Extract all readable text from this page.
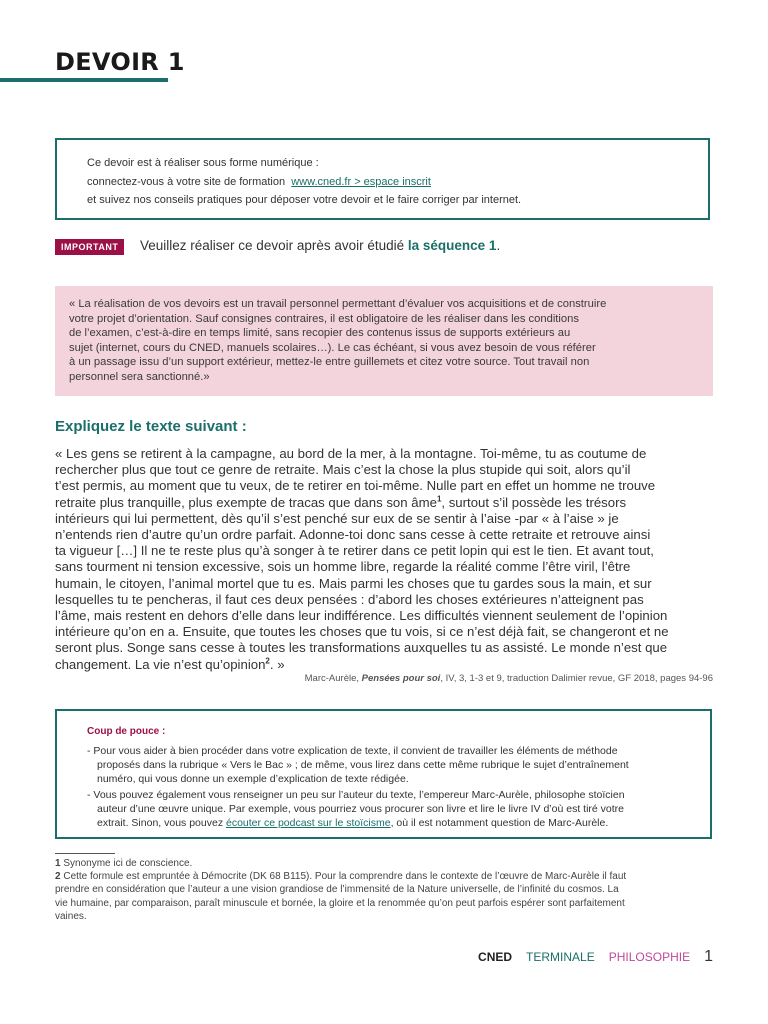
DEVOIR 1
Ce devoir est à réaliser sous forme numérique :
connectez-vous à votre site de formation www.cned.fr > espace inscrit
et suivez nos conseils pratiques pour déposer votre devoir et le faire corriger par internet.
IMPORTANT	Veuillez réaliser ce devoir après avoir étudié la séquence 1.
« La réalisation de vos devoirs est un travail personnel permettant d’évaluer vos acquisitions et de construire
votre projet d’orientation. Sauf consignes contraires, il est obligatoire de les réaliser dans les conditions
de l’examen, c’est-à-dire en temps limité, sans recopier des contenus issus de supports extérieurs au
sujet (internet, cours du CNED, manuels scolaires…). Le cas échéant, si vous avez besoin de vous référer
à un passage issu d’un support extérieur, mettez-le entre guillemets et citez votre source. Tout travail non
personnel sera sanctionné.»
Expliquez le texte suivant :
« Les gens se retirent à la campagne, au bord de la mer, à la montagne. Toi-même, tu as coutume de
rechercher plus que tout ce genre de retraite. Mais c’est la chose la plus stupide qui soit, alors qu’il
t’est permis, au moment que tu veux, de te retirer en toi-même. Nulle part en effet un homme ne trouve
retraite plus tranquille, plus exempte de tracas que dans son âme$^1$, surtout s’il possède les trésors
intérieurs qui lui permettent, dès qu’il s’est penché sur eux de se sentir à l’aise -par « à l’aise » je
n’entends rien d’autre qu’un ordre parfait. Adonne-toi donc sans cesse à cette retraite et retrouve ainsi
ta vigueur […] Il ne te reste plus qu’à songer à te retirer dans ce petit lopin qui est le tien. Et avant tout,
sans tourment ni tension excessive, sois un homme libre, regarde la réalité comme l’être viril, l’être
humain, le citoyen, l’animal mortel que tu es. Mais parmi les choses que tu gardes sous la main, et sur
lesquelles tu te pencheras, il faut ces deux pensées : d’abord les choses extérieures n’atteignent pas
l’âme, mais restent en dehors d’elle dans leur indifférence. Les difficultés viennent seulement de l’opinion
intérieure qu’on en a. Ensuite, que toutes les choses que tu vois, si ce n’est déjà fait, se changeront et ne
seront plus. Songe sans cesse à toutes les transformations auxquelles tu as assisté. Le monde n’est que
changement. La vie n’est qu’opinion$^2$. »
Marc-Aurèle, Pensées pour soi, IV, 3, 1-3 et 9, traduction Dalimier revue, GF 2018, pages 94-96
Coup de pouce :
- Pour vous aider à bien procéder dans votre explication de texte, il convient de travailler les éléments de méthode
proposés dans la rubrique « Vers le Bac » ; de même, vous lirez dans cette même rubrique le sujet d’entraînement
numéro, qui vous donne un exemple d’explication de texte rédigée.
- Vous pouvez également vous renseigner un peu sur l’auteur du texte, l’empereur Marc-Aurèle, philosophe stoïcien
auteur d’une œuvre unique. Par exemple, vous pourriez vous procurer son livre et lire le livre IV d’où est tiré votre
extrait. Sinon, vous pouvez écouter ce podcast sur le stoïcisme, où il est notamment question de Marc-Aurèle.
1 Synonyme ici de conscience.
2 Cette formule est empruntée à Démocrite (DK 68 B115). Pour la comprendre dans le contexte de l’œuvre de Marc-Aurèle il faut
prendre en considération que l’auteur a une vision grandiose de l’immensité de la Nature universelle, de l’infinité du cosmos. La
vie humaine, par comparaison, paraît minuscule et bornée, la gloire et la renommée qu’on peut parfois espérer sont parfaitement
vaines.
CNED TERMINALE PHILOSOPHIE 1
